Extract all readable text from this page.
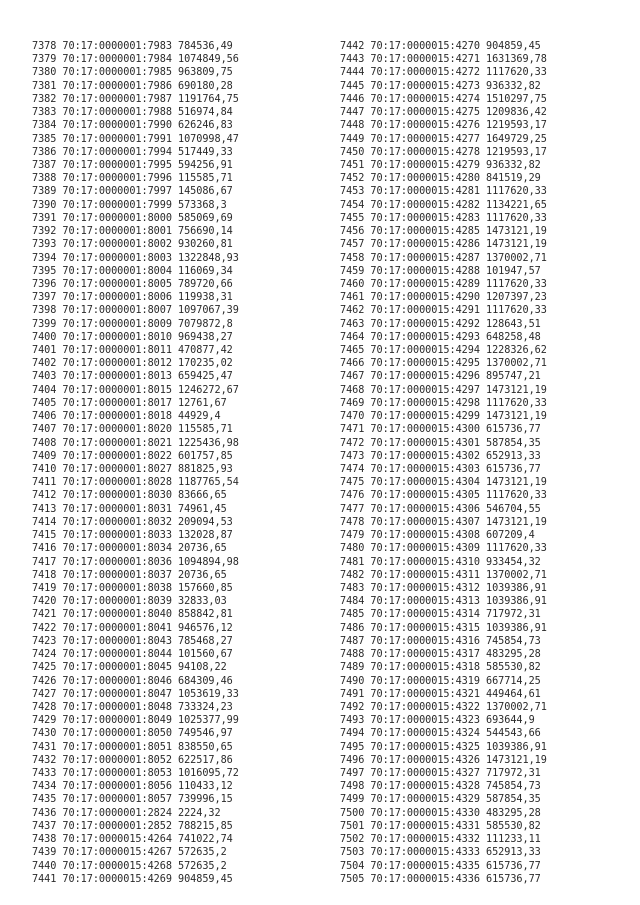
7378 70:17:0000001:7983 784536,49
7379 70:17:0000001:7984 1074849,56
7380 70:17:0000001:7985 963809,75
7381 70:17:0000001:7986 690180,28
7382 70:17:0000001:7987 1191764,75
7383 70:17:0000001:7988 516974,84
7384 70:17:0000001:7990 626246,83
7385 70:17:0000001:7991 1070998,47
7386 70:17:0000001:7994 517449,33
7387 70:17:0000001:7995 594256,91
7388 70:17:0000001:7996 115585,71
7389 70:17:0000001:7997 145086,67
7390 70:17:0000001:7999 573368,3
7391 70:17:0000001:8000 585069,69
7392 70:17:0000001:8001 756690,14
7393 70:17:0000001:8002 930260,81
7394 70:17:0000001:8003 1322848,93
7395 70:17:0000001:8004 116069,34
7396 70:17:0000001:8005 789720,66
7397 70:17:0000001:8006 119938,31
7398 70:17:0000001:8007 1097067,39
7399 70:17:0000001:8009 7079872,8
7400 70:17:0000001:8010 969438,27
7401 70:17:0000001:8011 470877,42
7402 70:17:0000001:8012 170235,02
7403 70:17:0000001:8013 659425,47
7404 70:17:0000001:8015 1246272,67
7405 70:17:0000001:8017 12761,67
7406 70:17:0000001:8018 44929,4
7407 70:17:0000001:8020 115585,71
7408 70:17:0000001:8021 1225436,98
7409 70:17:0000001:8022 601757,85
7410 70:17:0000001:8027 881825,93
7411 70:17:0000001:8028 1187765,54
7412 70:17:0000001:8030 83666,65
7413 70:17:0000001:8031 74961,45
7414 70:17:0000001:8032 209094,53
7415 70:17:0000001:8033 132028,87
7416 70:17:0000001:8034 20736,65
7417 70:17:0000001:8036 1094894,98
7418 70:17:0000001:8037 20736,65
7419 70:17:0000001:8038 157660,85
7420 70:17:0000001:8039 32833,03
7421 70:17:0000001:8040 858842,81
7422 70:17:0000001:8041 946576,12
7423 70:17:0000001:8043 785468,27
7424 70:17:0000001:8044 101560,67
7425 70:17:0000001:8045 94108,22
7426 70:17:0000001:8046 684309,46
7427 70:17:0000001:8047 1053619,33
7428 70:17:0000001:8048 733324,23
7429 70:17:0000001:8049 1025377,99
7430 70:17:0000001:8050 749546,97
7431 70:17:0000001:8051 838550,65
7432 70:17:0000001:8052 622517,86
7433 70:17:0000001:8053 1016095,72
7434 70:17:0000001:8056 110433,12
7435 70:17:0000001:8057 739996,15
7436 70:17:0000001:2824 2224,32
7437 70:17:0000001:2852 788215,85
7438 70:17:0000015:4264 741022,74
7439 70:17:0000015:4267 572635,2
7440 70:17:0000015:4268 572635,2
7441 70:17:0000015:4269 904859,45
7442 70:17:0000015:4270 904859,45
7443 70:17:0000015:4271 1631369,78
7444 70:17:0000015:4272 1117620,33
7445 70:17:0000015:4273 936332,82
7446 70:17:0000015:4274 1510297,75
7447 70:17:0000015:4275 1209836,42
7448 70:17:0000015:4276 1219593,17
7449 70:17:0000015:4277 1649729,25
7450 70:17:0000015:4278 1219593,17
7451 70:17:0000015:4279 936332,82
7452 70:17:0000015:4280 841519,29
7453 70:17:0000015:4281 1117620,33
7454 70:17:0000015:4282 1134221,65
7455 70:17:0000015:4283 1117620,33
7456 70:17:0000015:4285 1473121,19
7457 70:17:0000015:4286 1473121,19
7458 70:17:0000015:4287 1370002,71
7459 70:17:0000015:4288 101947,57
7460 70:17:0000015:4289 1117620,33
7461 70:17:0000015:4290 1207397,23
7462 70:17:0000015:4291 1117620,33
7463 70:17:0000015:4292 128643,51
7464 70:17:0000015:4293 648258,48
7465 70:17:0000015:4294 1228326,62
7466 70:17:0000015:4295 1370002,71
7467 70:17:0000015:4296 895747,21
7468 70:17:0000015:4297 1473121,19
7469 70:17:0000015:4298 1117620,33
7470 70:17:0000015:4299 1473121,19
7471 70:17:0000015:4300 615736,77
7472 70:17:0000015:4301 587854,35
7473 70:17:0000015:4302 652913,33
7474 70:17:0000015:4303 615736,77
7475 70:17:0000015:4304 1473121,19
7476 70:17:0000015:4305 1117620,33
7477 70:17:0000015:4306 546704,55
7478 70:17:0000015:4307 1473121,19
7479 70:17:0000015:4308 607209,4
7480 70:17:0000015:4309 1117620,33
7481 70:17:0000015:4310 933454,32
7482 70:17:0000015:4311 1370002,71
7483 70:17:0000015:4312 1039386,91
7484 70:17:0000015:4313 1039386,91
7485 70:17:0000015:4314 717972,31
7486 70:17:0000015:4315 1039386,91
7487 70:17:0000015:4316 745854,73
7488 70:17:0000015:4317 483295,28
7489 70:17:0000015:4318 585530,82
7490 70:17:0000015:4319 667714,25
7491 70:17:0000015:4321 449464,61
7492 70:17:0000015:4322 1370002,71
7493 70:17:0000015:4323 693644,9
7494 70:17:0000015:4324 544543,66
7495 70:17:0000015:4325 1039386,91
7496 70:17:0000015:4326 1473121,19
7497 70:17:0000015:4327 717972,31
7498 70:17:0000015:4328 745854,73
7499 70:17:0000015:4329 587854,35
7500 70:17:0000015:4330 483295,28
7501 70:17:0000015:4331 585530,82
7502 70:17:0000015:4332 111233,11
7503 70:17:0000015:4333 652913,33
7504 70:17:0000015:4335 615736,77
7505 70:17:0000015:4336 615736,77
